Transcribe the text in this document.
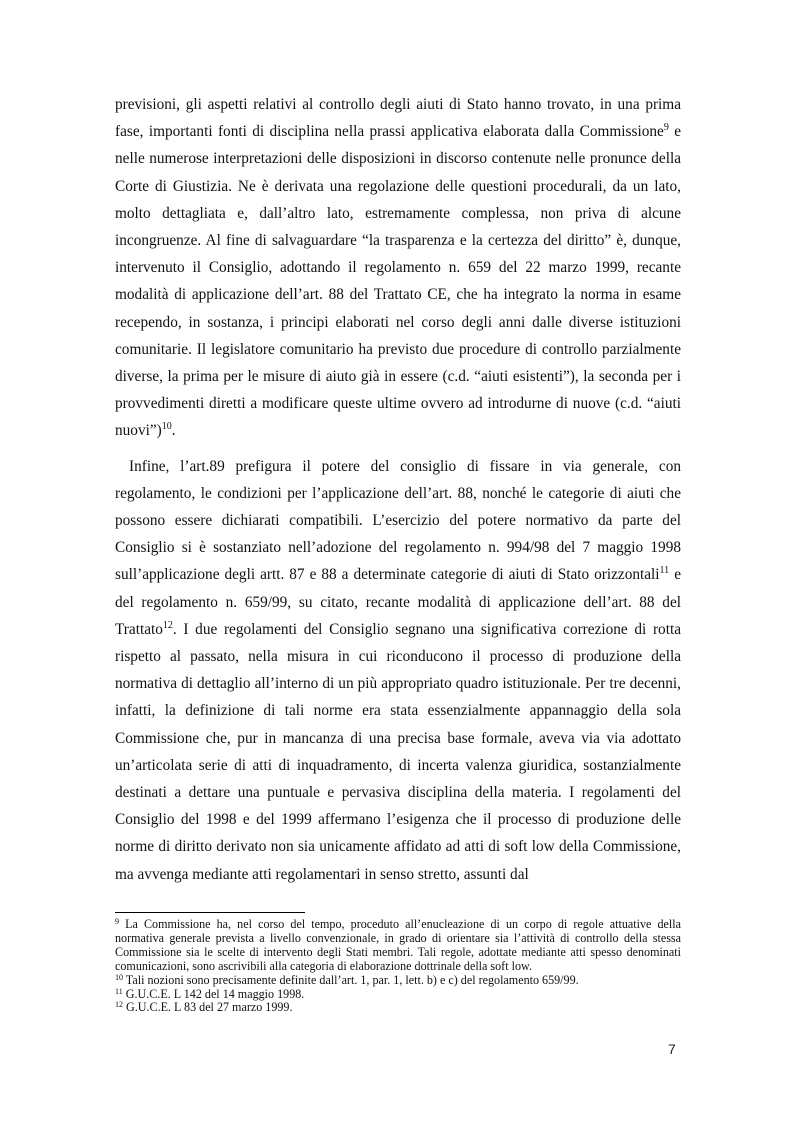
previsioni, gli aspetti relativi al controllo degli aiuti di Stato hanno trovato, in una prima fase, importanti fonti di disciplina nella prassi applicativa elaborata dalla Commissione$^9$ e nelle numerose interpretazioni delle disposizioni in discorso contenute nelle pronunce della Corte di Giustizia. Ne è derivata una regolazione delle questioni procedurali, da un lato, molto dettagliata e, dall’altro lato, estremamente complessa, non priva di alcune incongruenze. Al fine di salvaguardare “la trasparenza e la certezza del diritto” è, dunque, intervenuto il Consiglio, adottando il regolamento n. 659 del 22 marzo 1999, recante modalità di applicazione dell’art. 88 del Trattato CE, che ha integrato la norma in esame recependo, in sostanza, i principi elaborati nel corso degli anni dalle diverse istituzioni comunitarie. Il legislatore comunitario ha previsto due procedure di controllo parzialmente diverse, la prima per le misure di aiuto già in essere (c.d. “aiuti esistenti”), la seconda per i provvedimenti diretti a modificare queste ultime ovvero ad introdurne di nuove (c.d. “aiuti nuovi”)$^{10}$.

Infine, l’art.89 prefigura il potere del consiglio di fissare in via generale, con regolamento, le condizioni per l’applicazione dell’art. 88, nonché le categorie di aiuti che possono essere dichiarati compatibili. L’esercizio del potere normativo da parte del Consiglio si è sostanziato nell’adozione del regolamento n. 994/98 del 7 maggio 1998 sull’applicazione degli artt. 87 e 88 a determinate categorie di aiuti di Stato orizzontali$^{11}$ e del regolamento n. 659/99, su citato, recante modalità di applicazione dell’art. 88 del Trattato$^{12}$. I due regolamenti del Consiglio segnano una significativa correzione di rotta rispetto al passato, nella misura in cui riconducono il processo di produzione della normativa di dettaglio all’interno di un più appropriato quadro istituzionale. Per tre decenni, infatti, la definizione di tali norme era stata essenzialmente appannaggio della sola Commissione che, pur in mancanza di una precisa base formale, aveva via via adottato un’articolata serie di atti di inquadramento, di incerta valenza giuridica, sostanzialmente destinati a dettare una puntuale e pervasiva disciplina della materia. I regolamenti del Consiglio del 1998 e del 1999 affermano l’esigenza che il processo di produzione delle norme di diritto derivato non sia unicamente affidato ad atti di soft low della Commissione, ma avvenga mediante atti regolamentari in senso stretto, assunti dal

$^9$ La Commissione ha, nel corso del tempo, proceduto all’enucleazione di un corpo di regole attuative della normativa generale prevista a livello convenzionale, in grado di orientare sia l’attività di controllo della stessa Commissione sia le scelte di intervento degli Stati membri. Tali regole, adottate mediante atti spesso denominati comunicazioni, sono ascrivibili alla categoria di elaborazione dottrinale della soft low.

$^{10}$ Tali nozioni sono precisamente definite dall’art. 1, par. 1, lett. b) e c) del regolamento 659/99.

$^{11}$ G.U.C.E. L 142 del 14 maggio 1998.

$^{12}$ G.U.C.E. L 83 del 27 marzo 1999.

7
